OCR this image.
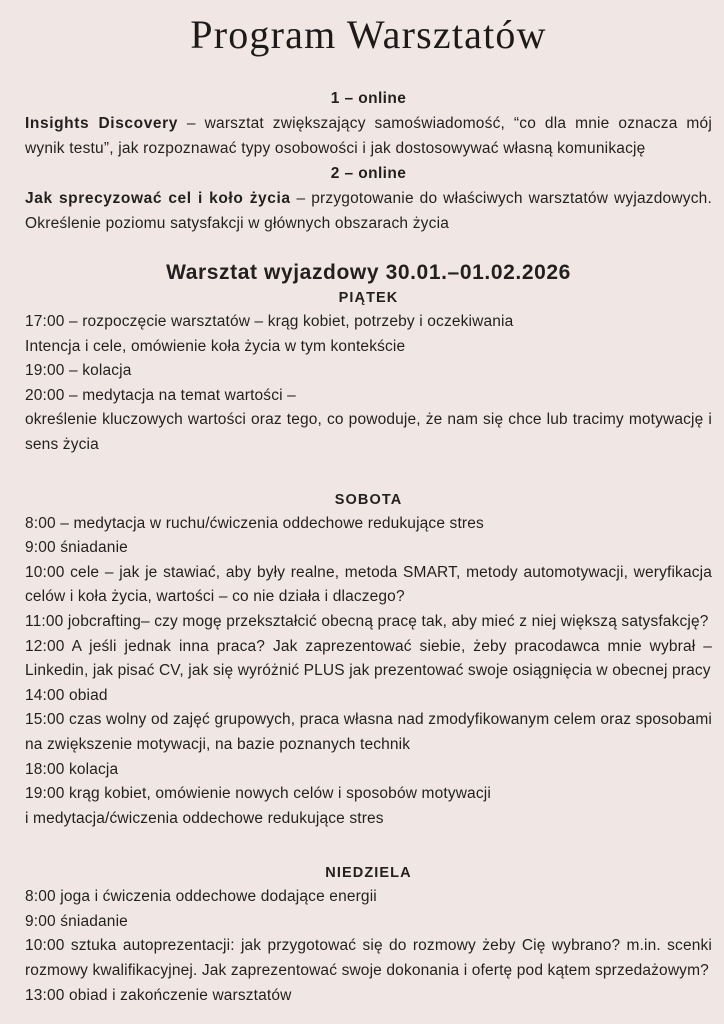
Program Warsztatów

1 – online

Insights Discovery – warsztat zwiększający samoświadomość, “co dla mnie oznacza mój wynik testu”, jak rozpoznawać typy osobowości i jak dostosowywać własną komunikację

2 – online

Jak sprecyzować cel i koło życia – przygotowanie do właściwych warsztatów wyjazdowych. Określenie poziomu satysfakcji w głównych obszarach życia

Warsztat wyjazdowy 30.01.–01.02.2026

PIĄTEK

17:00 – rozpoczęcie warsztatów – krąg kobiet, potrzeby i oczekiwania

Intencja i cele, omówienie koła życia w tym kontekście

19:00 – kolacja

20:00 – medytacja na temat wartości –

określenie kluczowych wartości oraz tego, co powoduje, że nam się chce lub tracimy motywację i sens życia

SOBOTA

8:00 – medytacja w ruchu/ćwiczenia oddechowe redukujące stres

9:00 śniadanie

10:00 cele – jak je stawiać, aby były realne, metoda SMART, metody automotywacji, weryfikacja celów i koła życia, wartości – co nie działa i dlaczego?

11:00 jobcrafting– czy mogę przekształcić obecną pracę tak, aby mieć z niej większą satysfakcję?

12:00 A jeśli jednak inna praca? Jak zaprezentować siebie, żeby pracodawca mnie wybrał – Linkedin, jak pisać CV, jak się wyróżnić PLUS jak prezentować swoje osiągnięcia w obecnej pracy

14:00 obiad

15:00 czas wolny od zajęć grupowych, praca własna nad zmodyfikowanym celem oraz sposobami na zwiększenie motywacji, na bazie poznanych technik

18:00 kolacja

19:00 krąg kobiet, omówienie nowych celów i sposobów motywacji

i medytacja/ćwiczenia oddechowe redukujące stres

NIEDZIELA

8:00 joga i ćwiczenia oddechowe dodające energii

9:00 śniadanie

10:00 sztuka autoprezentacji: jak przygotować się do rozmowy żeby Cię wybrano? m.in. scenki rozmowy kwalifikacyjnej. Jak zaprezentować swoje dokonania i ofertę pod kątem sprzedażowym?

13:00 obiad i zakończenie warsztatów
